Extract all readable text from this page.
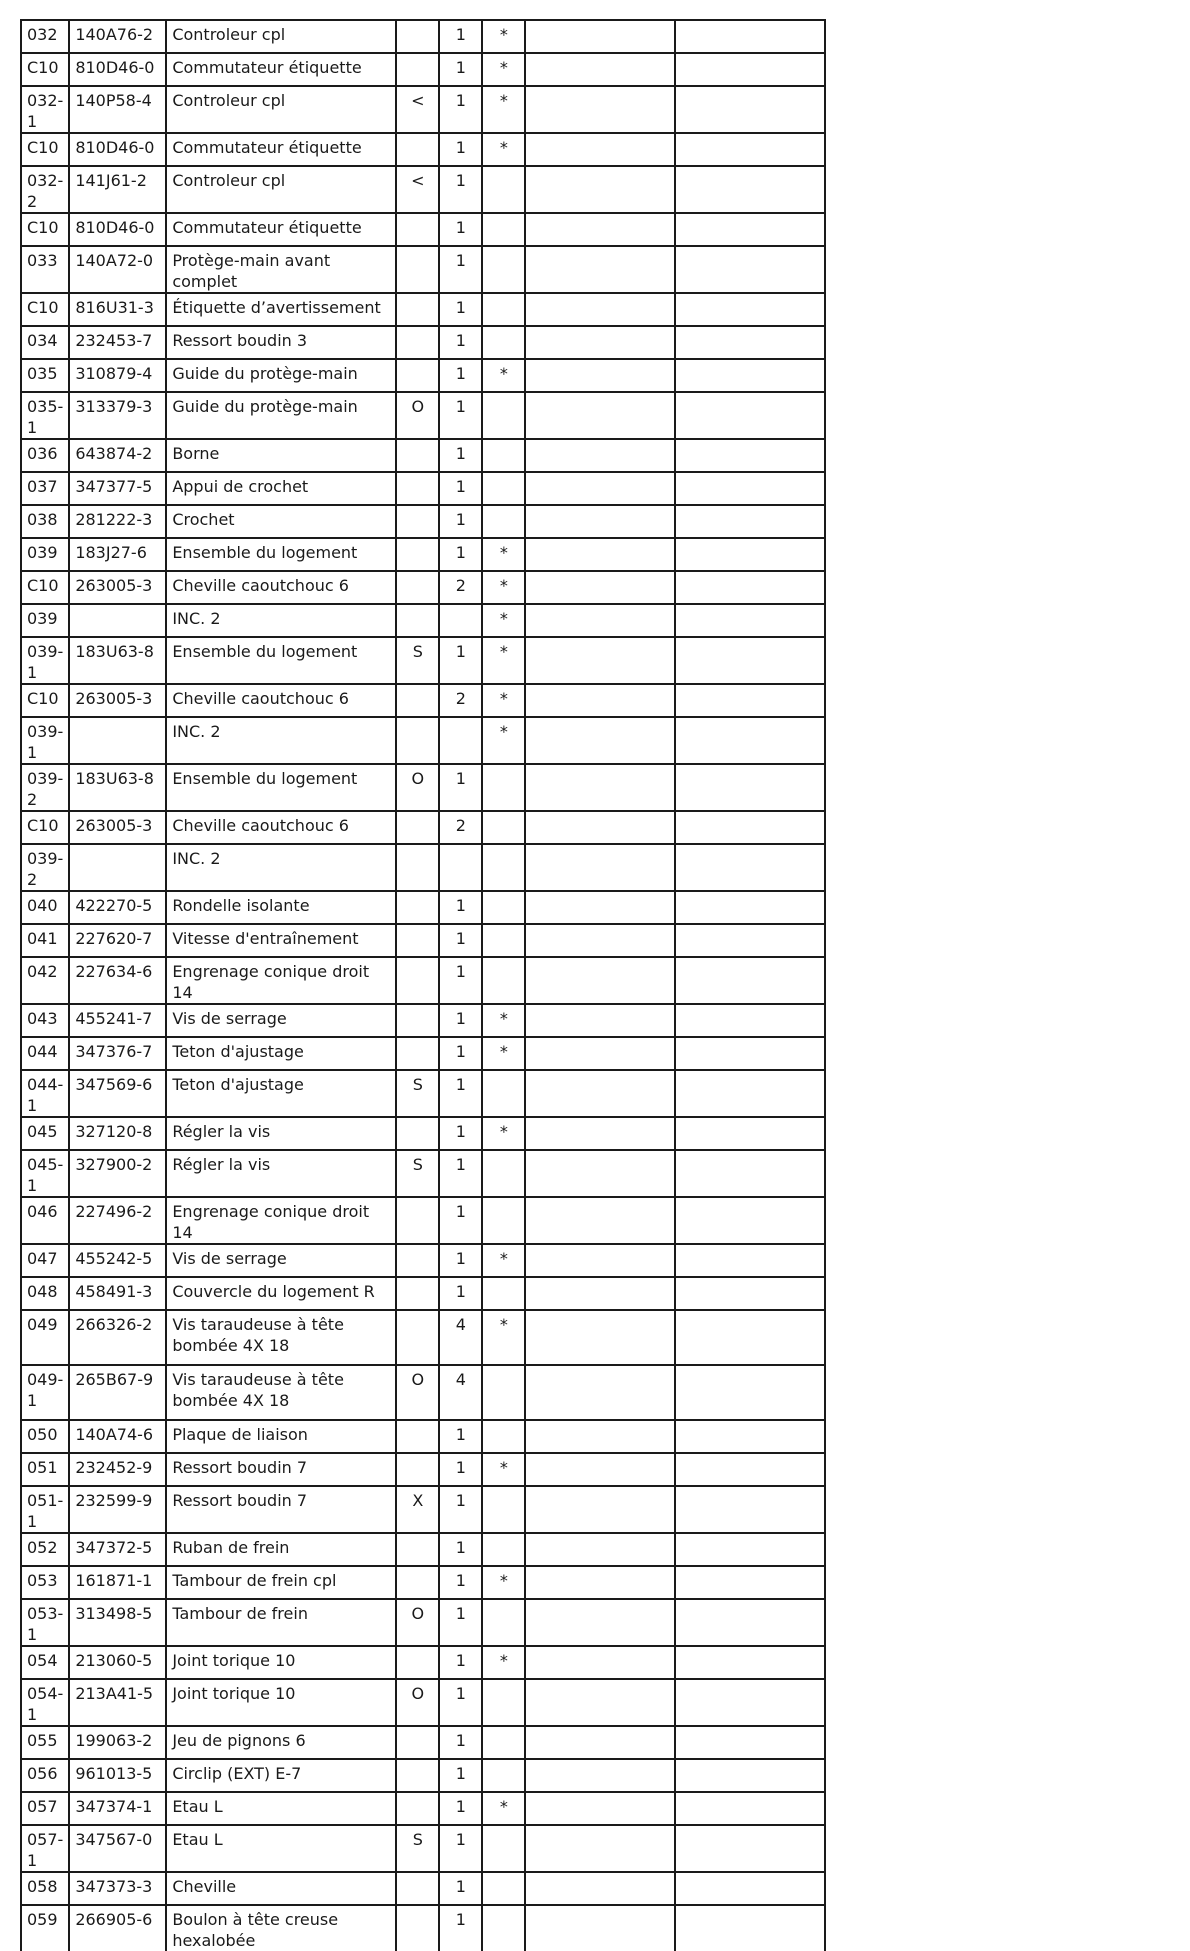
032	140A76-2	Controleur cpl		1	*		
C10	810D46-0	Commutateur étiquette		1	*		
032-1	140P58-4	Controleur cpl	<	1	*		
C10	810D46-0	Commutateur étiquette		1	*		
032-2	141J61-2	Controleur cpl	<	1			
C10	810D46-0	Commutateur étiquette		1			
033	140A72-0	Protège-main avant complet		1			
C10	816U31-3	Étiquette d’avertissement		1			
034	232453-7	Ressort boudin 3		1			
035	310879-4	Guide du protège-main		1	*		
035-1	313379-3	Guide du protège-main	O	1			
036	643874-2	Borne		1			
037	347377-5	Appui de crochet		1			
038	281222-3	Crochet		1			
039	183J27-6	Ensemble du logement		1	*		
C10	263005-3	Cheville caoutchouc 6		2	*		
039		INC. 2			*		
039-1	183U63-8	Ensemble du logement	S	1	*		
C10	263005-3	Cheville caoutchouc 6		2	*		
039-1		INC. 2			*		
039-2	183U63-8	Ensemble du logement	O	1			
C10	263005-3	Cheville caoutchouc 6		2			
039-2		INC. 2					
040	422270-5	Rondelle isolante		1			
041	227620-7	Vitesse d'entraînement		1			
042	227634-6	Engrenage conique droit 14		1			
043	455241-7	Vis de serrage		1	*		
044	347376-7	Teton d'ajustage		1	*		
044-1	347569-6	Teton d'ajustage	S	1			
045	327120-8	Régler la vis		1	*		
045-1	327900-2	Régler la vis	S	1			
046	227496-2	Engrenage conique droit 14		1			
047	455242-5	Vis de serrage		1	*		
048	458491-3	Couvercle du logement R		1			
049	266326-2	Vis taraudeuse à tête bombée 4X 18		4	*		
049-1	265B67-9	Vis taraudeuse à tête bombée 4X 18	O	4			
050	140A74-6	Plaque de liaison		1			
051	232452-9	Ressort boudin 7		1	*		
051-1	232599-9	Ressort boudin 7	X	1			
052	347372-5	Ruban de frein		1			
053	161871-1	Tambour de frein cpl		1	*		
053-1	313498-5	Tambour de frein	O	1			
054	213060-5	Joint torique 10		1	*		
054-1	213A41-5	Joint torique 10	O	1			
055	199063-2	Jeu de pignons 6		1			
056	961013-5	Circlip (EXT) E-7		1			
057	347374-1	Etau L		1	*		
057-1	347567-0	Etau L	S	1			
058	347373-3	Cheville		1			
059	266905-6	Boulon à tête creuse hexalobée		1			
